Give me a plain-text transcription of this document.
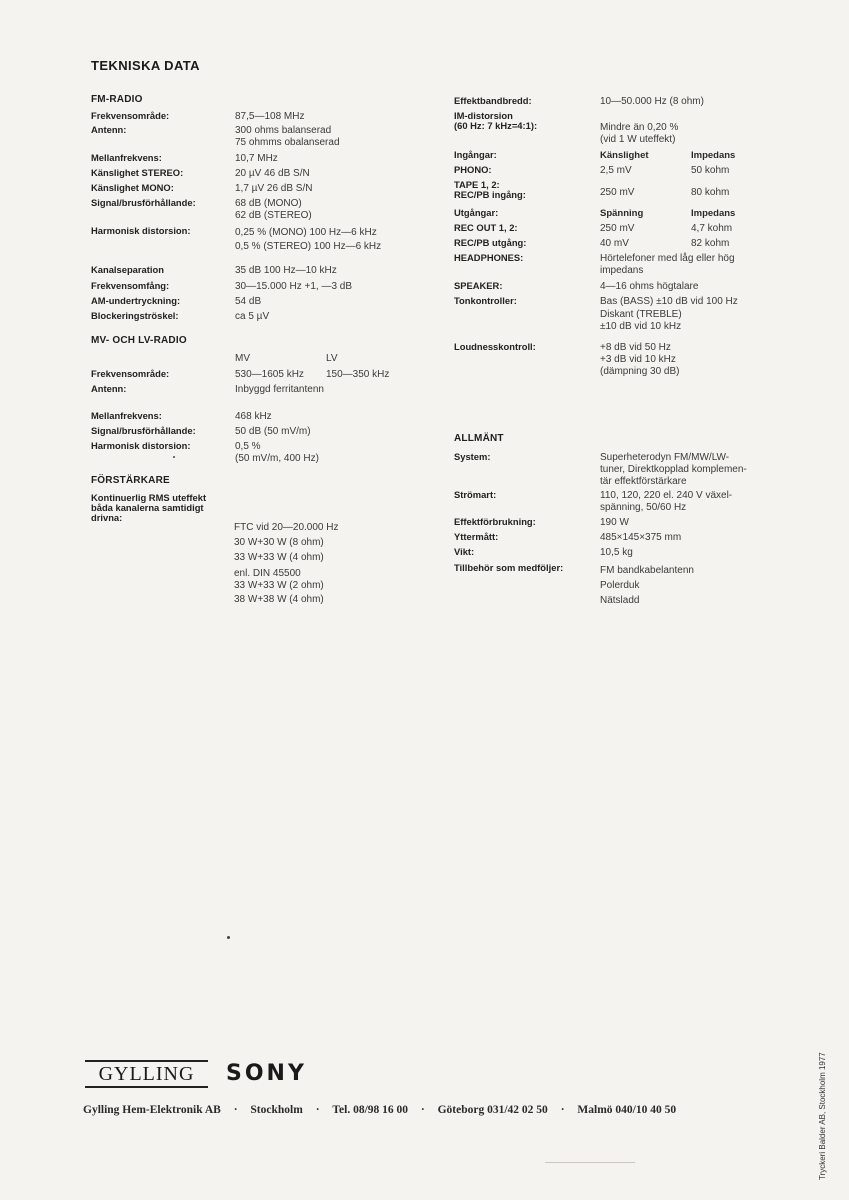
TEKNISKA DATA
FM-RADIO
Frekvensområde:	87,5—108 MHz
Antenn:	300 ohms balanserad
75 ohmms obalanserad
Mellanfrekvens:	10,7 MHz
Känslighet STEREO:	20 µV 46 dB S/N
Känslighet MONO:	1,7 µV 26 dB S/N
Signal/brusförhållande:	68 dB (MONO)
62 dB (STEREO)
Harmonisk distorsion:	0,25 % (MONO) 100 Hz—6 kHz
0,5 % (STEREO) 100 Hz—6 kHz
Kanalseparation	35 dB 100 Hz—10 kHz
Frekvensomfång:	30—15.000 Hz +1, —3 dB
AM-undertryckning:	54 dB
Blockeringströskel:	ca 5 µV
MV- OCH LV-RADIO
MV	LV
Frekvensområde:	530—1605 kHz 150—350 kHz
Antenn:	Inbyggd ferritantenn
Mellanfrekvens:	468 kHz
Signal/brusförhållande:	50 dB (50 mV/m)
Harmonisk distorsion:	0,5 %
(50 mV/m, 400 Hz)
FÖRSTÄRKARE
Kontinuerlig RMS uteffekt
båda kanalerna samtidigt
drivna:
FTC vid 20—20.000 Hz
30 W+30 W (8 ohm)
33 W+33 W (4 ohm)
enl. DIN 45500
33 W+33 W (2 ohm)
38 W+38 W (4 ohm)
Effektbandbredd:	10—50.000 Hz (8 ohm)
IM-distorsion
(60 Hz: 7 kHz=4:1):	Mindre än 0,20 %
(vid 1 W uteffekt)
Ingångar:	Känslighet	Impedans
PHONO:	2,5 mV	50 kohm
TAPE 1, 2:
REC/PB ingång:	250 mV	80 kohm
Utgångar:	Spänning	Impedans
REC OUT 1, 2:	250 mV	4,7 kohm
REC/PB utgång:	40 mV	82 kohm
HEADPHONES:	Hörtelefoner med låg eller hög
impedans
SPEAKER:	4—16 ohms högtalare
Tonkontroller:	Bas (BASS) ±10 dB vid 100 Hz
Diskant (TREBLE)
±10 dB vid 10 kHz
Loudnesskontroll:	+8 dB vid 50 Hz
+3 dB vid 10 kHz
(dämpning 30 dB)
ALLMÄNT
System:	Superheterodyn FM/MW/LW-
tuner, Direktkopplad komplemen-
tär effektförstärkare
Strömart:	110, 120, 220 el. 240 V växel-
spänning, 50/60 Hz
Effektförbrukning:	190 W
Yttermått:	485×145×375 mm
Vikt:	10,5 kg
Tillbehör som medföljer:	FM bandkabelantenn
Polerduk
Nätsladd
GYLLING	SONY
Gylling Hem-Elektronik AB · Stockholm · Tel. 08/98 16 00 · Göteborg 031/42 02 50 · Malmö 040/10 40 50	Tryckeri Balder AB, Stockholm 1977
